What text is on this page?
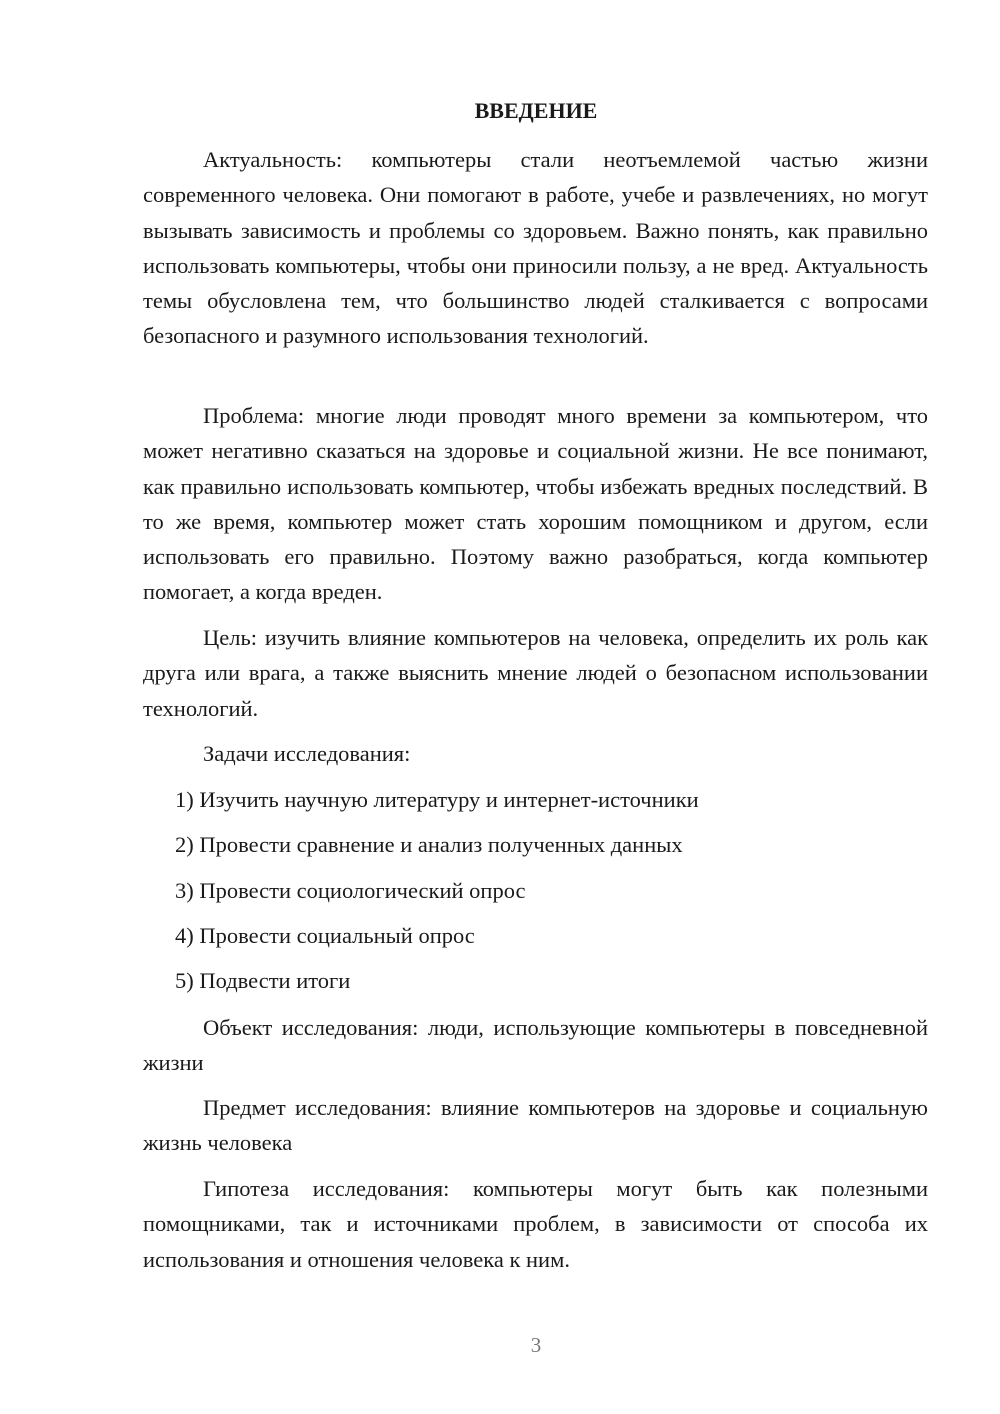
ВВЕДЕНИЕ

Актуальность: компьютеры стали неотъемлемой частью жизни современного человека. Они помогают в работе, учебе и развлечениях, но могут вызывать зависимость и проблемы со здоровьем. Важно понять, как правильно использовать компьютеры, чтобы они приносили пользу, а не вред. Актуальность темы обусловлена тем, что большинство людей сталкивается с вопросами безопасного и разумного использования технологий.

Проблема: многие люди проводят много времени за компьютером, что может негативно сказаться на здоровье и социальной жизни. Не все понимают, как правильно использовать компьютер, чтобы избежать вредных последствий. В то же время, компьютер может стать хорошим помощником и другом, если использовать его правильно. Поэтому важно разобраться, когда компьютер помогает, а когда вреден.

Цель: изучить влияние компьютеров на человека, определить их роль как друга или врага, а также выяснить мнение людей о безопасном использовании технологий.

Задачи исследования:

1) Изучить научную литературу и интернет-источники
2) Провести сравнение и анализ полученных данных
3) Провести социологический опрос
4) Провести социальный опрос
5) Подвести итоги

Объект исследования: люди, использующие компьютеры в повседневной жизни

Предмет исследования: влияние компьютеров на здоровье и социальную жизнь человека

Гипотеза исследования: компьютеры могут быть как полезными помощниками, так и источниками проблем, в зависимости от способа их использования и отношения человека к ним.

3
